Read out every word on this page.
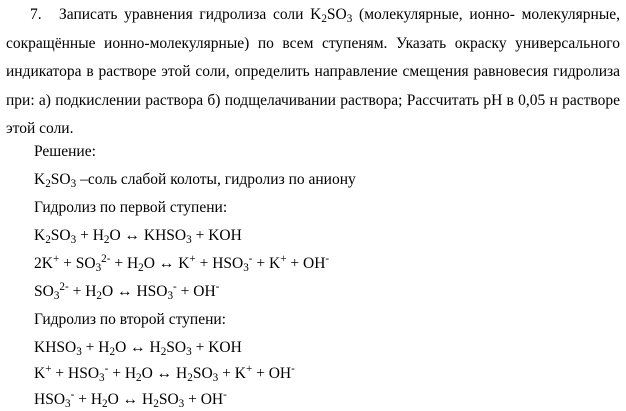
7. Записать уравнения гидролиза соли $K_2SO_3$ (молекулярные, ионно- молекулярные, сокращённые ионно-молекулярные) по всем ступеням. Указать окраску универсального индикатора в растворе этой соли, определить направление смещения равновесия гидролиза при: а) подкислении раствора б) подщелачивании раствора; Рассчитать pH в 0,05 н растворе этой соли.
Решение:
$K_2SO_3$ –соль слабой колоты, гидролиз по аниону
Гидролиз по первой ступени:
$K_2SO_3 + H_2O$ ↔ $KHSO_3$ + KOH
$2K^+ + SO_3^{2-} + H_2O$ ↔ $K^+ + HSO_3^- + K^+ + OH^-$
$SO_3^{2-} + H_2O$ ↔ $HSO_3^- + OH^-$
Гидролиз по второй ступени:
$KHSO_3 + H_2O$ ↔ $H_2SO_3$ + KOH
$K^+ + HSO_3^- + H_2O$ ↔ $H_2SO_3 + K^+ + OH^-$
$HSO_3^- + H_2O$ ↔ $H_2SO_3 + OH^-$
